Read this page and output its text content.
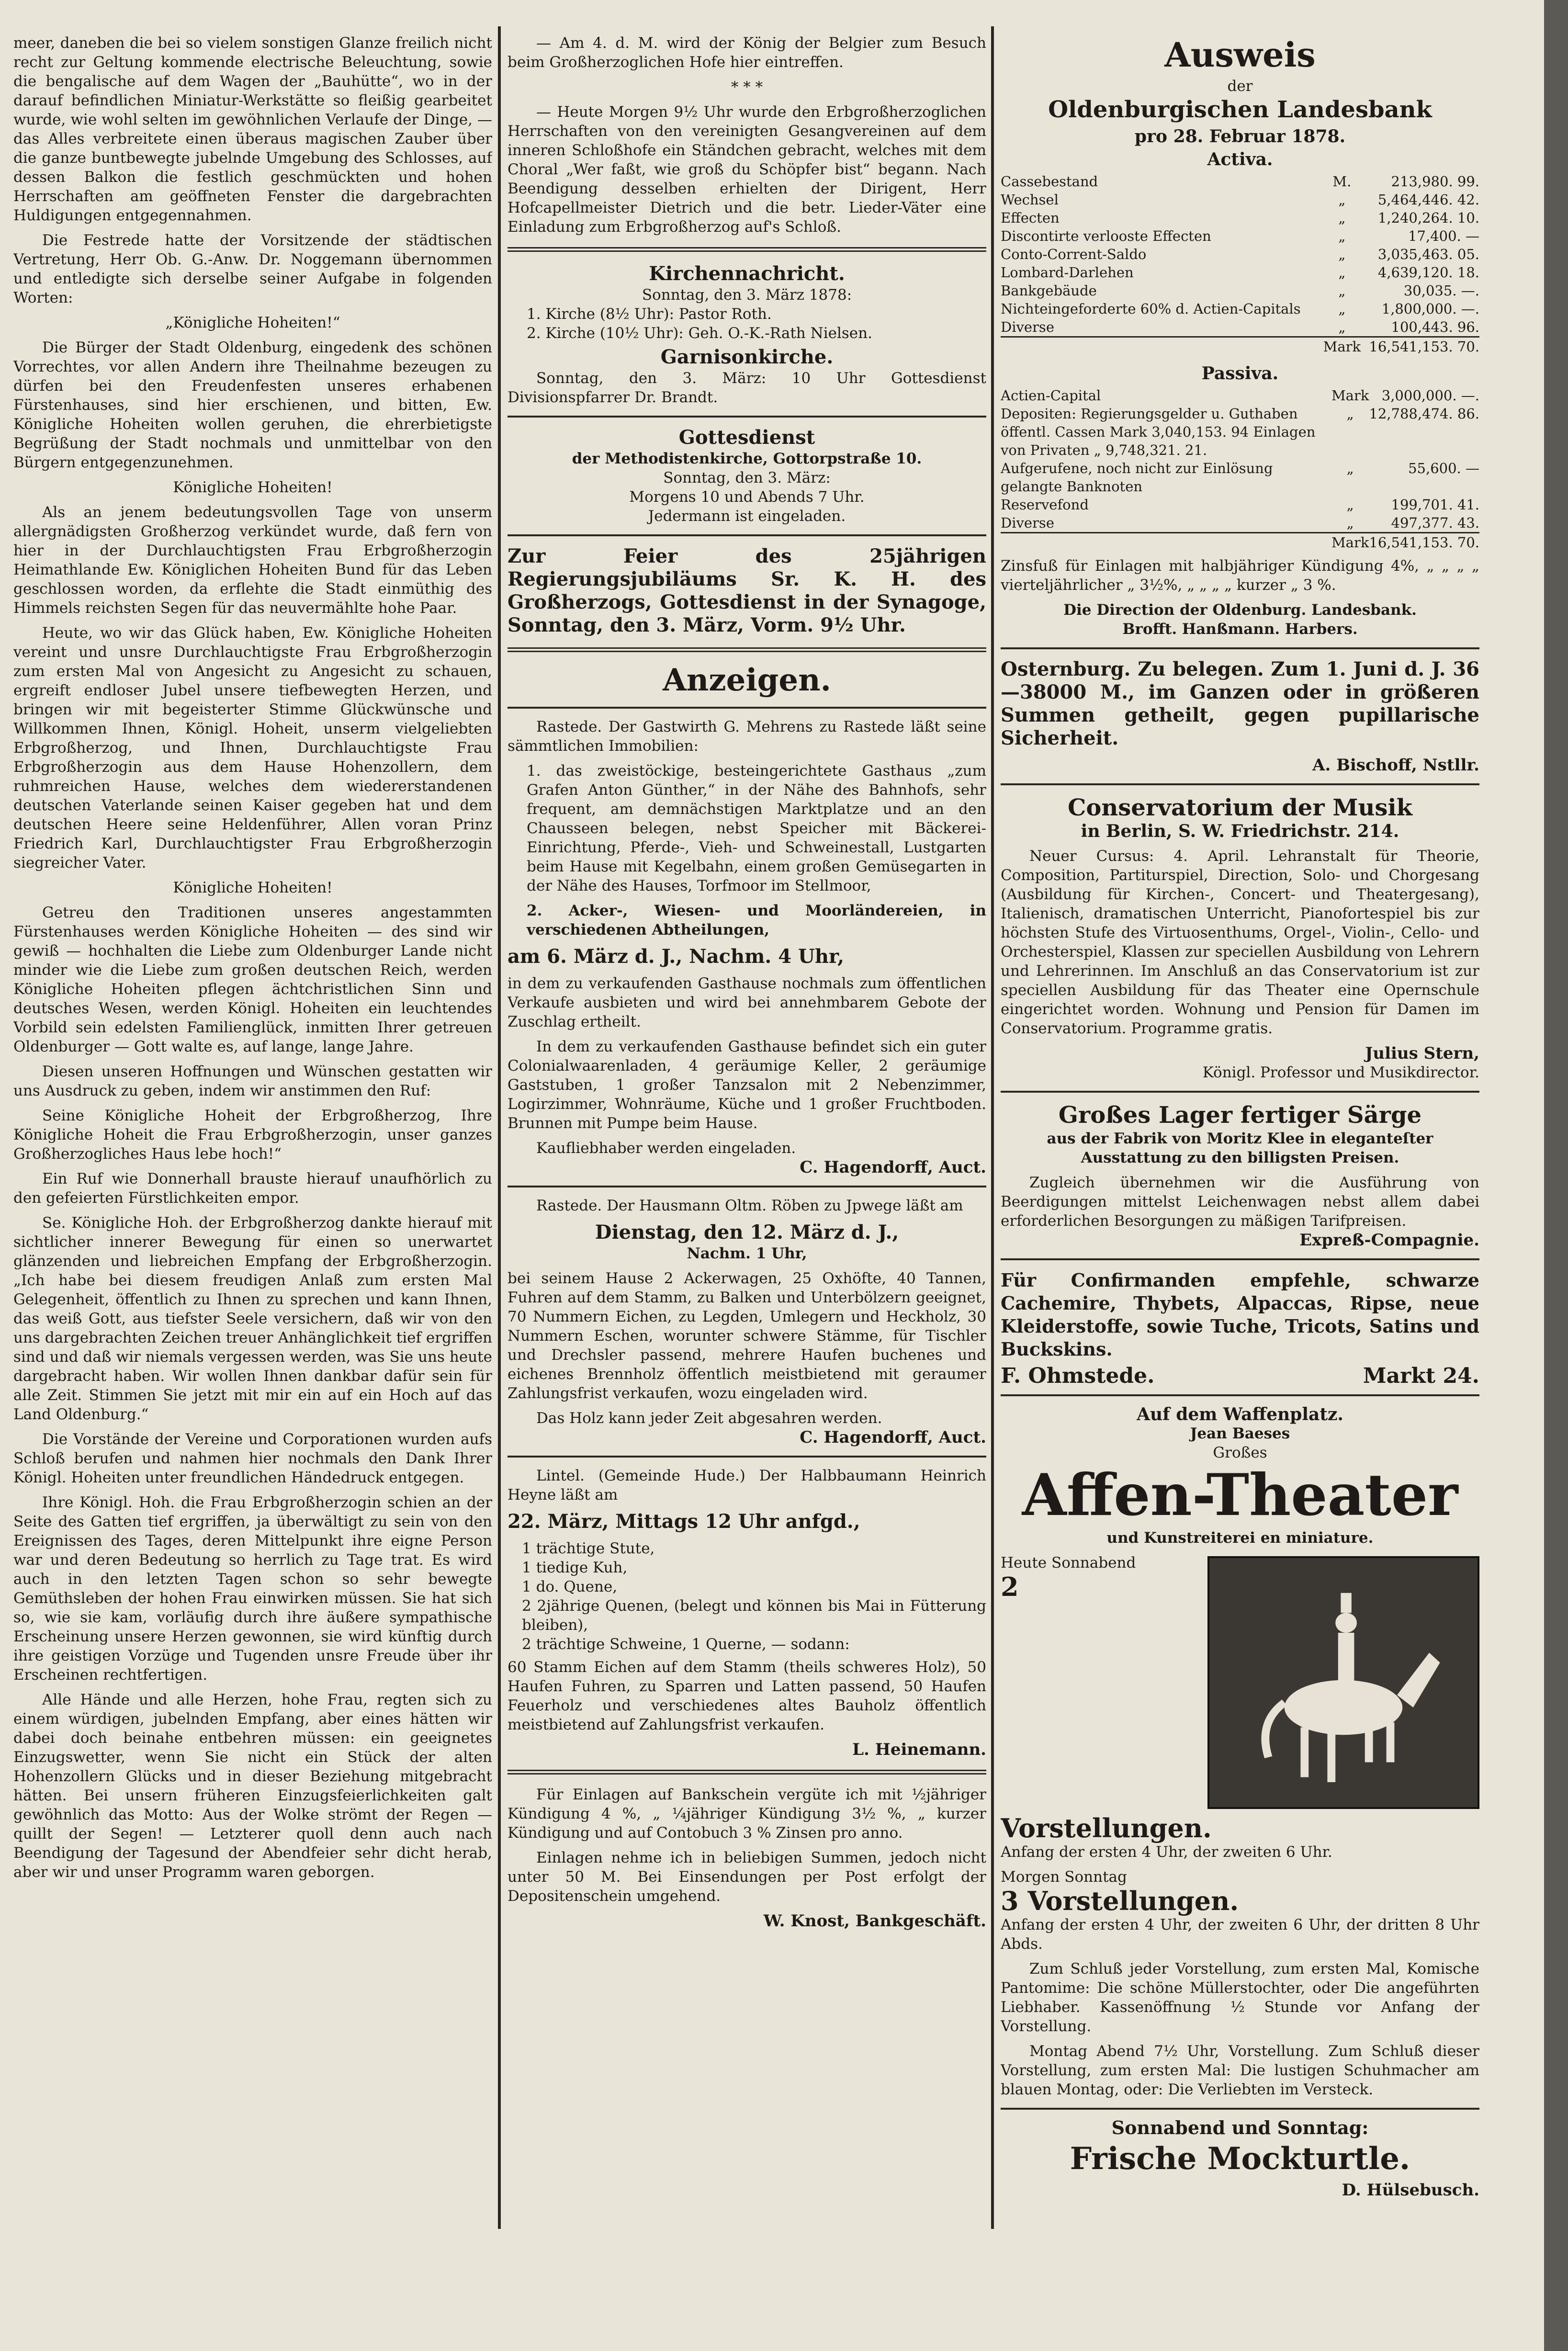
meer, daneben die bei so vielem sonstigen Glanze freilich nicht recht zur Geltung kommende electrische Beleuchtung, sowie die bengalische auf dem Wagen der „Bauhütte“, wo in der darauf befindlichen Miniatur-Werkstätte so fleißig gearbeitet wurde, wie wohl selten im gewöhnlichen Verlaufe der Dinge, — das Alles verbreitete einen überaus magischen Zauber über die ganze buntbewegte jubelnde Umgebung des Schlosses, auf dessen Balkon die festlich geschmückten und hohen Herrschaften am geöffneten Fenster die dargebrachten Huldigungen entgegennahmen.

Die Festrede hatte der Vorsitzende der städtischen Vertretung, Herr Ob. G.-Anw. Dr. Noggemann übernommen und entledigte sich derselbe seiner Aufgabe in folgenden Worten:

„Königliche Hoheiten!“

Die Bürger der Stadt Oldenburg, eingedenk des schönen Vorrechtes, vor allen Andern ihre Theilnahme bezeugen zu dürfen bei den Freudenfesten unseres erhabenen Fürstenhauses, sind hier erschienen, und bitten, Ew. Königliche Hoheiten wollen geruhen, die ehrerbietigste Begrüßung der Stadt nochmals und unmittelbar von den Bürgern entgegenzunehmen.

Königliche Hoheiten!

Als an jenem bedeutungsvollen Tage von unserm allergnädigsten Großherzog verkündet wurde, daß fern von hier in der Durchlauchtigsten Frau Erbgroßherzogin Heimathlande Ew. Königlichen Hoheiten Bund für das Leben geschlossen worden, da erflehte die Stadt einmüthig des Himmels reichsten Segen für das neuvermählte hohe Paar.

Heute, wo wir das Glück haben, Ew. Königliche Hoheiten vereint und unsre Durchlauchtigste Frau Erbgroßherzogin zum ersten Mal von Angesicht zu Angesicht zu schauen, ergreift endloser Jubel unsere tiefbewegten Herzen, und bringen wir mit begeisterter Stimme Glückwünsche und Willkommen Ihnen, Königl. Hoheit, unserm vielgeliebten Erbgroßherzog, und Ihnen, Durchlauchtigste Frau Erbgroßherzogin aus dem Hause Hohenzollern, dem ruhmreichen Hause, welches dem wiedererstandenen deutschen Vaterlande seinen Kaiser gegeben hat und dem deutschen Heere seine Heldenführer, Allen voran Prinz Friedrich Karl, Durchlauchtigster Frau Erbgroßherzogin siegreicher Vater.

Königliche Hoheiten!

Getreu den Traditionen unseres angestammten Fürstenhauses werden Königliche Hoheiten — des sind wir gewiß — hochhalten die Liebe zum Oldenburger Lande nicht minder wie die Liebe zum großen deutschen Reich, werden Königliche Hoheiten pflegen ächtchristlichen Sinn und deutsches Wesen, werden Königl. Hoheiten ein leuchtendes Vorbild sein edelsten Familienglück, inmitten Ihrer getreuen Oldenburger — Gott walte es, auf lange, lange Jahre.

Diesen unseren Hoffnungen und Wünschen gestatten wir uns Ausdruck zu geben, indem wir anstimmen den Ruf:

Seine Königliche Hoheit der Erbgroßherzog, Ihre Königliche Hoheit die Frau Erbgroßherzogin, unser ganzes Großherzogliches Haus lebe hoch!“

Ein Ruf wie Donnerhall brauste hierauf unaufhörlich zu den gefeierten Fürstlichkeiten empor.

Se. Königliche Hoh. der Erbgroßherzog dankte hierauf mit sichtlicher innerer Bewegung für einen so unerwartet glänzenden und liebreichen Empfang der Erbgroßherzogin. „Ich habe bei diesem freudigen Anlaß zum ersten Mal Gelegenheit, öffentlich zu Ihnen zu sprechen und kann Ihnen, das weiß Gott, aus tiefster Seele versichern, daß wir von den uns dargebrachten Zeichen treuer Anhänglichkeit tief ergriffen sind und daß wir niemals vergessen werden, was Sie uns heute dargebracht haben. Wir wollen Ihnen dankbar dafür sein für alle Zeit. Stimmen Sie jetzt mit mir ein auf ein Hoch auf das Land Oldenburg.“

Die Vorstände der Vereine und Corporationen wurden aufs Schloß berufen und nahmen hier nochmals den Dank Ihrer Königl. Hoheiten unter freundlichen Händedruck entgegen.

Ihre Königl. Hoh. die Frau Erbgroßherzogin schien an der Seite des Gatten tief ergriffen, ja überwältigt zu sein von den Ereignissen des Tages, deren Mittelpunkt ihre eigne Person war und deren Bedeutung so herrlich zu Tage trat. Es wird auch in den letzten Tagen schon so sehr bewegte Gemüthsleben der hohen Frau einwirken müssen. Sie hat sich so, wie sie kam, vorläufig durch ihre äußere sympathische Erscheinung unsere Herzen gewonnen, sie wird künftig durch ihre geistigen Vorzüge und Tugenden unsre Freude über ihr Erscheinen rechtfertigen.

Alle Hände und alle Herzen, hohe Frau, regten sich zu einem würdigen, jubelnden Empfang, aber eines hätten wir dabei doch beinahe entbehren müssen: ein geeignetes Einzugswetter, wenn Sie nicht ein Stück der alten Hohenzollern Glücks und in dieser Beziehung mitgebracht hätten. Bei unsern früheren Einzugsfeierlichkeiten galt gewöhnlich das Motto: Aus der Wolke strömt der Regen — quillt der Segen! — Letzterer quoll denn auch nach Beendigung der Tagesund der Abendfeier sehr dicht herab, aber wir und unser Programm waren geborgen.

— Am 4. d. M. wird der König der Belgier zum Besuch beim Großherzoglichen Hofe hier eintreffen.

* * *

— Heute Morgen 9½ Uhr wurde den Erbgroßherzoglichen Herrschaften von den vereinigten Gesangvereinen auf dem inneren Schloßhofe ein Ständchen gebracht, welches mit dem Choral „Wer faßt, wie groß du Schöpfer bist“ begann. Nach Beendigung desselben erhielten der Dirigent, Herr Hofcapellmeister Dietrich und die betr. Lieder-Väter eine Einladung zum Erbgroßherzog auf's Schloß.

Kirchennachricht.

Sonntag, den 3. März 1878:

1. Kirche (8½ Uhr): Pastor Roth.

2. Kirche (10½ Uhr): Geh. O.-K.-Rath Nielsen.

Garnisonkirche.

Sonntag, den 3. März: 10 Uhr Gottesdienst Divisionspfarrer Dr. Brandt.

Gottesdienst

der Methodistenkirche, Gottorpstraße 10.

Sonntag, den 3. März:

Morgens 10 und Abends 7 Uhr.

Jedermann ist eingeladen.

Zur Feier des 25jährigen Regierungsjubiläums Sr. K. H. des Großherzogs, Gottesdienst in der Synagoge, Sonntag, den 3. März, Vorm. 9½ Uhr.

Anzeigen.

Rastede. Der Gastwirth G. Mehrens zu Rastede läßt seine sämmtlichen Immobilien:

1. das zweistöckige, besteingerichtete Gasthaus „zum Grafen Anton Günther,“ in der Nähe des Bahnhofs, sehr frequent, am demnächstigen Marktplatze und an den Chausseen belegen, nebst Speicher mit Bäckerei-Einrichtung, Pferde-, Vieh- und Schweinestall, Lustgarten beim Hause mit Kegelbahn, einem großen Gemüsegarten in der Nähe des Hauses, Torfmoor im Stellmoor,

2. Acker-, Wiesen- und Moorländereien, in verschiedenen Abtheilungen,

am 6. März d. J., Nachm. 4 Uhr,

in dem zu verkaufenden Gasthause nochmals zum öffentlichen Verkaufe ausbieten und wird bei annehmbarem Gebote der Zuschlag ertheilt.

In dem zu verkaufenden Gasthause befindet sich ein guter Colonialwaarenladen, 4 geräumige Keller, 2 geräumige Gaststuben, 1 großer Tanzsalon mit 2 Nebenzimmer, Logirzimmer, Wohnräume, Küche und 1 großer Fruchtboden. Brunnen mit Pumpe beim Hause.

Kaufliebhaber werden eingeladen.

C. Hagendorff, Auct.

Rastede. Der Hausmann Oltm. Röben zu Jpwege läßt am

Dienstag, den 12. März d. J.,

Nachm. 1 Uhr,

bei seinem Hause 2 Ackerwagen, 25 Oxhöfte, 40 Tannen, Fuhren auf dem Stamm, zu Balken und Unterbölzern geeignet, 70 Nummern Eichen, zu Legden, Umlegern und Heckholz, 30 Nummern Eschen, worunter schwere Stämme, für Tischler und Drechsler passend, mehrere Haufen buchenes und eichenes Brennholz öffentlich meistbietend mit geraumer Zahlungsfrist verkaufen, wozu eingeladen wird.

Das Holz kann jeder Zeit abgesahren werden.

C. Hagendorff, Auct.

Lintel. (Gemeinde Hude.) Der Halbbaumann Heinrich Heyne läßt am

22. März, Mittags 12 Uhr anfgd.,

1 trächtige Stute,

1 tiedige Kuh,

1 do. Quene,

2 2jährige Quenen, (belegt und können bis Mai in Fütterung bleiben),

2 trächtige Schweine, 1 Querne, — sodann:

60 Stamm Eichen auf dem Stamm (theils schweres Holz), 50 Haufen Fuhren, zu Sparren und Latten passend, 50 Haufen Feuerholz und verschiedenes altes Bauholz öffentlich meistbietend auf Zahlungsfrist verkaufen.

L. Heinemann.

Für Einlagen auf Bankschein vergüte ich mit ½jähriger Kündigung 4 %, „ ¼jähriger Kündigung 3½ %, „ kurzer Kündigung und auf Contobuch 3 % Zinsen pro anno.

Einlagen nehme ich in beliebigen Summen, jedoch nicht unter 50 M. Bei Einsendungen per Post erfolgt der Depositenschein umgehend.

W. Knost, Bankgeschäft.

Ausweis

der

Oldenburgischen Landesbank
pro 28. Februar 1878.
Activa.
Cassebestand	M.	213,980. 99.
Wechsel	„	5,464,446. 42.
Effecten	„	1,240,264. 10.
Discontirte verlooste Effecten	„	17,400. —
Conto-Corrent-Saldo	„	3,035,463. 05.
Lombard-Darlehen	„	4,639,120. 18.
Bankgebäude	„	30,035. —.
Nichteingeforderte 60% d. Actien-Capitals	„	1,800,000. —.
Diverse	„	100,443. 96.
	Mark	16,541,153. 70.
Passiva.
Actien-Capital	Mark	3,000,000. —.
Depositen: Regierungsgelder u. Guthaben öffentl. Cassen Mark 3,040,153. 94 Einlagen von Privaten „ 9,748,321. 21.	„	12,788,474. 86.
Aufgerufene, noch nicht zur Einlösung gelangte Banknoten	„	55,600. —
Reservefond	„	199,701. 41.
Diverse	„	497,377. 43.
	Mark	16,541,153. 70.

Zinsfuß für Einlagen mit halbjähriger Kündigung 4%, „ „ „ „ vierteljährlicher „ 3½%, „ „ „ „ kurzer „ 3 %.

Die Direction der Oldenburg. Landesbank.

Brofft. Hanßmann. Harbers.

Osternburg. Zu belegen. Zum 1. Juni d. J. 36—38000 M., im Ganzen oder in größeren Summen getheilt, gegen pupillarische Sicherheit.

A. Bischoff, Nstllr.

Conservatorium der Musik

in Berlin, S. W. Friedrichstr. 214.

Neuer Cursus: 4. April. Lehranstalt für Theorie, Composition, Partiturspiel, Direction, Solo- und Chorgesang (Ausbildung für Kirchen-, Concert- und Theatergesang), Italienisch, dramatischen Unterricht, Pianofortespiel bis zur höchsten Stufe des Virtuosenthums, Orgel-, Violin-, Cello- und Orchesterspiel, Klassen zur speciellen Ausbildung von Lehrern und Lehrerinnen. Im Anschluß an das Conservatorium ist zur speciellen Ausbildung für das Theater eine Opernschule eingerichtet worden. Wohnung und Pension für Damen im Conservatorium. Programme gratis.

Julius Stern,

Königl. Professor und Musikdirector.

Großes Lager fertiger Särge

aus der Fabrik von Moritz Klee in eleganteſter Ausstattung zu den billigsten Preisen.

Zugleich übernehmen wir die Ausführung von Beerdigungen mittelst Leichenwagen nebst allem dabei erforderlichen Besorgungen zu mäßigen Tarifpreisen.

Expreß-Compagnie.

Für Confirmanden empfehle, schwarze Cachemire, Thybets, Alpaccas, Ripse, neue Kleiderstoffe, sowie Tuche, Tricots, Satins und Buckskins.

F. Ohmstede.	Markt 24.

Auf dem Waffenplatz.

Jean Baeses

Großes

Affen-Theater

und Kunstreiterei en miniature.

Heute Sonnabend

2 Vorstellungen.

Anfang der ersten 4 Uhr, der zweiten 6 Uhr.

Morgen Sonntag

3 Vorstellungen.

Anfang der ersten 4 Uhr, der zweiten 6 Uhr, der dritten 8 Uhr Abds.

Zum Schluß jeder Vorstellung, zum ersten Mal, Komische Pantomime: Die schöne Müllerstochter, oder Die angeführten Liebhaber. Kassenöffnung ½ Stunde vor Anfang der Vorstellung.

Montag Abend 7½ Uhr, Vorstellung. Zum Schluß dieser Vorstellung, zum ersten Mal: Die lustigen Schuhmacher am blauen Montag, oder: Die Verliebten im Versteck.

Sonnabend und Sonntag:

Frische Mockturtle.

D. Hülsebusch.
